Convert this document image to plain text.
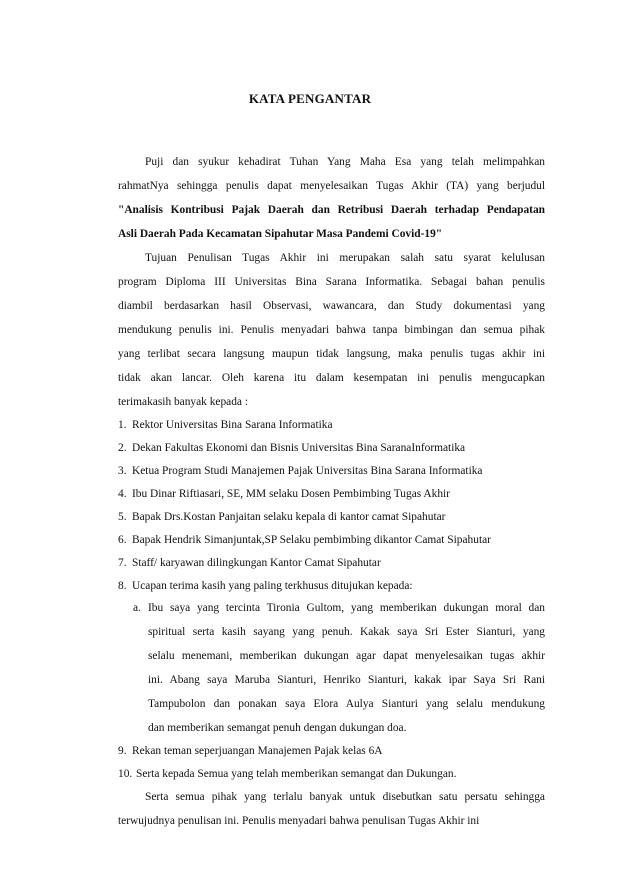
KATA PENGANTAR
Puji dan syukur kehadirat Tuhan Yang Maha Esa yang telah melimpahkan
rahmatNya sehingga penulis dapat menyelesaikan Tugas Akhir (TA) yang berjudul
"Analisis Kontribusi Pajak Daerah dan Retribusi Daerah terhadap Pendapatan
Asli Daerah Pada Kecamatan Sipahutar Masa Pandemi Covid-19"
Tujuan Penulisan Tugas Akhir ini merupakan salah satu syarat kelulusan
program Diploma III Universitas Bina Sarana Informatika. Sebagai bahan penulis
diambil berdasarkan hasil Observasi, wawancara, dan Study dokumentasi yang
mendukung penulis ini. Penulis menyadari bahwa tanpa bimbingan dan semua pihak
yang terlibat secara langsung maupun tidak langsung, maka penulis tugas akhir ini
tidak akan lancar. Oleh karena itu dalam kesempatan ini penulis mengucapkan
terimakasih banyak kepada :
1. Rektor Universitas Bina Sarana Informatika
2. Dekan Fakultas Ekonomi dan Bisnis Universitas Bina SaranaInformatika
3. Ketua Program Studi Manajemen Pajak Universitas Bina Sarana Informatika
4. Ibu Dinar Riftiasari, SE, MM selaku Dosen Pembimbing Tugas Akhir
5. Bapak Drs.Kostan Panjaitan selaku kepala di kantor camat Sipahutar
6. Bapak Hendrik Simanjuntak,SP Selaku pembimbing dikantor Camat Sipahutar
7. Staff/ karyawan dilingkungan Kantor Camat Sipahutar
8. Ucapan terima kasih yang paling terkhusus ditujukan kepada:
a. Ibu saya yang tercinta Tironia Gultom, yang memberikan dukungan moral dan
spiritual serta kasih sayang yang penuh. Kakak saya Sri Ester Sianturi, yang
selalu menemani, memberikan dukungan agar dapat menyelesaikan tugas akhir
ini. Abang saya Maruba Sianturi, Henriko Sianturi, kakak ipar Saya Sri Rani
Tampubolon dan ponakan saya Elora Aulya Sianturi yang selalu mendukung
dan memberikan semangat penuh dengan dukungan doa.
9. Rekan teman seperjuangan Manajemen Pajak kelas 6A
10. Serta kepada Semua yang telah memberikan semangat dan Dukungan.
Serta semua pihak yang terlalu banyak untuk disebutkan satu persatu sehingga
terwujudnya penulisan ini. Penulis menyadari bahwa penulisan Tugas Akhir ini
